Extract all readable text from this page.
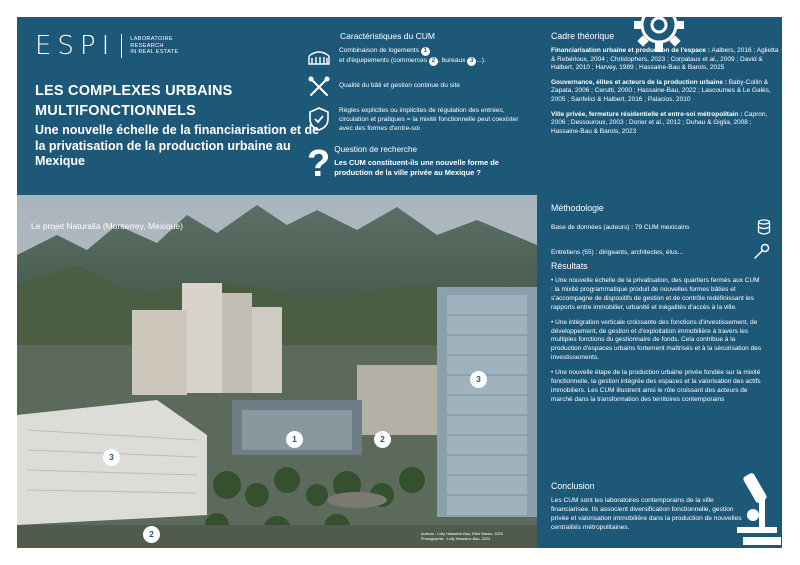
ESPI	LABORATOIRE
RESEARCH
IN REAL ESTATE
LES COMPLEXES URBAINS
MULTIFONCTIONNELS
Une nouvelle échelle de la financiarisation et de la privatisation de la production urbaine au Mexique
Caractéristiques du CUM
Combinaison de logements 1
et d'équipements (commerces 2 , bureaux 3 ...).
Qualité du bâti et gestion continue du site
Règles explicites ou implicites de régulation des entrées, circulation et pratiques = la mixité fonctionnelle peut coexister avec des formes d'entre-soi
? Question de recherche
Les CUM constituent-ils une nouvelle forme de production de la ville privée au Mexique ?
Le projet Naturalia (Monterrey, Mexique)
1	2
3
3
2	Auteurs : Lolly Hassaine-Bau, Elise Barois, 2025
Photographie : Lolly Hassaine-Bau, 2024
Cadre théorique
Financiarisation urbaine et production de l'espace : Aalbers, 2016 ; Aglietta & Rebérioux, 2004 ; Christophers, 2023 ; Corpataux et al., 2009 ; David & Halbert, 2010 ; Harvey, 1989 ; Hassaine-Bau & Barois, 2025
Gouvernance, élites et acteurs de la production urbaine : Baby-Collin & Zapata, 2006 ; Cerutti, 2000 ; Hassaine-Bau, 2022 ; Lascoumes & Le Galès, 2005 ; Sanfelici & Halbert, 2016 ; Palacios, 2010
Ville privée, fermeture résidentielle et entre-soi métropolitain : Capron, 2006 ; Dessouroux, 2003 ; Dorier et al., 2012 ; Duhau & Giglia, 2008 ; Hassaine-Bau & Barois, 2023
Méthodologie
Base de données (auteurs) : 79 CUM mexicains
Entretiens (55) : dirigeants, architectes, élus...
Résultats
• Une nouvelle échelle de la privatisation, des quartiers fermés aux CUM : la mixité programmatique produit de nouvelles formes bâties et s'accompagne de dispositifs de gestion et de contrôle redéfinissant les rapports entre immobilier, urbanité et inégalités d'accès à la ville.
• Une intégration verticale croissante des fonctions d'investissement, de développement, de gestion et d'exploitation immobilière à travers les multiples fonctions du gestionnaire de fonds. Cela contribue à la production d'espaces urbains fortement maîtrisés et à la sécurisation des investissements.
• Une nouvelle étape de la production urbaine privée fondée sur la mixité fonctionnelle, la gestion intégrée des espaces et la valorisation des actifs immobiliers. Les CUM illustrent ainsi le rôle croissant des acteurs de marché dans la transformation des territoires contemporains
Conclusion
Les CUM sont les laboratoires contemporains de la ville financiarisée. Ils associent diversification fonctionnelle, gestion privée et valorisation immobilière dans la production de nouvelles centralités métropolitaines.
